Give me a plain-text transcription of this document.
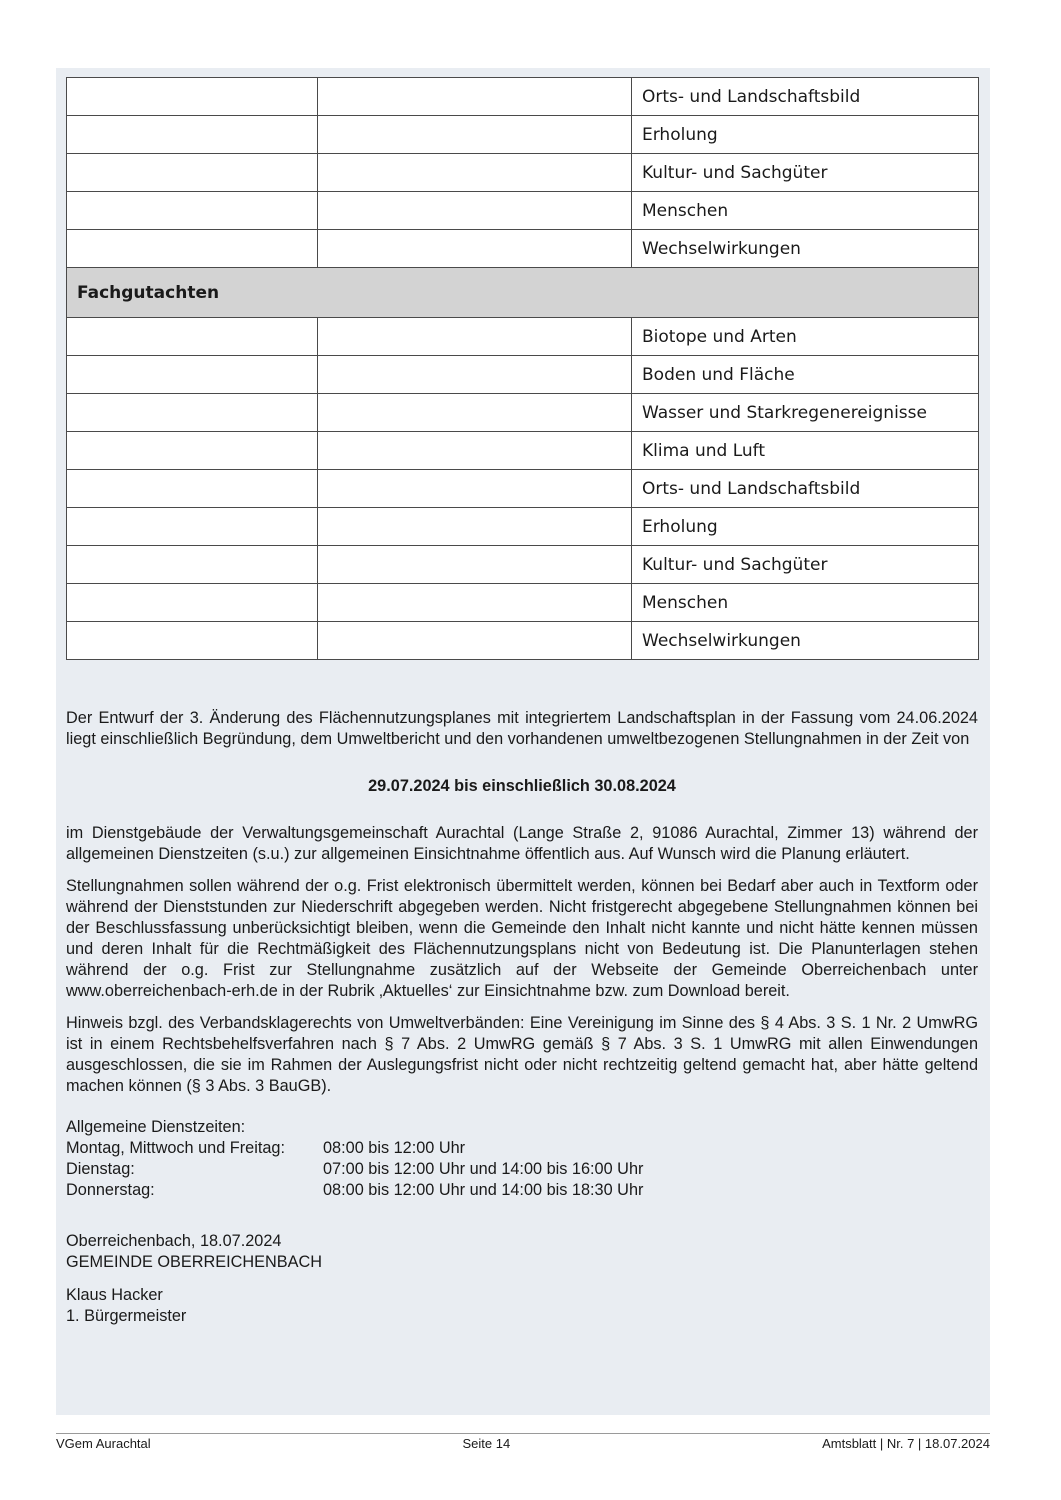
		Orts- und Landschaftsbild
		Erholung
		Kultur- und Sachgüter
		Menschen
		Wechselwirkungen
Fachgutachten		
		Biotope und Arten
		Boden und Fläche
		Wasser und Starkregenereignisse
		Klima und Luft
		Orts- und Landschaftsbild
		Erholung
		Kultur- und Sachgüter
		Menschen
		Wechselwirkungen

Der Entwurf der 3. Änderung des Flächennutzungsplanes mit integriertem Landschaftsplan in der Fassung vom 24.06.2024 liegt einschließlich Begründung, dem Umweltbericht und den vorhandenen umweltbezogenen Stellungnahmen in der Zeit von

29.07.2024 bis einschließlich 30.08.2024

im Dienstgebäude der Verwaltungsgemeinschaft Aurachtal (Lange Straße 2, 91086 Aurachtal, Zimmer 13) während der allgemeinen Dienstzeiten (s.u.) zur allgemeinen Einsichtnahme öffentlich aus. Auf Wunsch wird die Planung erläutert.

Stellungnahmen sollen während der o.g. Frist elektronisch übermittelt werden, können bei Bedarf aber auch in Textform oder während der Dienststunden zur Niederschrift abgegeben werden. Nicht fristgerecht abgegebene Stellungnahmen können bei der Beschlussfassung unberücksichtigt bleiben, wenn die Gemeinde den Inhalt nicht kannte und nicht hätte kennen müssen und deren Inhalt für die Rechtmäßigkeit des Flächennutzungsplans nicht von Bedeutung ist. Die Planunterlagen stehen während der o.g. Frist zur Stellungnahme zusätzlich auf der Webseite der Gemeinde Oberreichenbach unter www.oberreichenbach-erh.de in der Rubrik ‚Aktuelles‘ zur Einsichtnahme bzw. zum Download bereit.

Hinweis bzgl. des Verbandsklagerechts von Umweltverbänden: Eine Vereinigung im Sinne des § 4 Abs. 3 S. 1 Nr. 2 UmwRG ist in einem Rechtsbehelfsverfahren nach § 7 Abs. 2 UmwRG gemäß § 7 Abs. 3 S. 1 UmwRG mit allen Einwendungen ausgeschlossen, die sie im Rahmen der Auslegungsfrist nicht oder nicht rechtzeitig geltend gemacht hat, aber hätte geltend machen können (§ 3 Abs. 3 BauGB).

Allgemeine Dienstzeiten:
Montag, Mittwoch und Freitag:	08:00 bis 12:00 Uhr
Dienstag:	07:00 bis 12:00 Uhr und 14:00 bis 16:00 Uhr
Donnerstag:	08:00 bis 12:00 Uhr und 14:00 bis 18:30 Uhr
Oberreichenbach, 18.07.2024
GEMEINDE OBERREICHENBACH
Klaus Hacker
1. Bürgermeister
VGem Aurachtal	Seite 14	Amtsblatt | Nr. 7 | 18.07.2024
